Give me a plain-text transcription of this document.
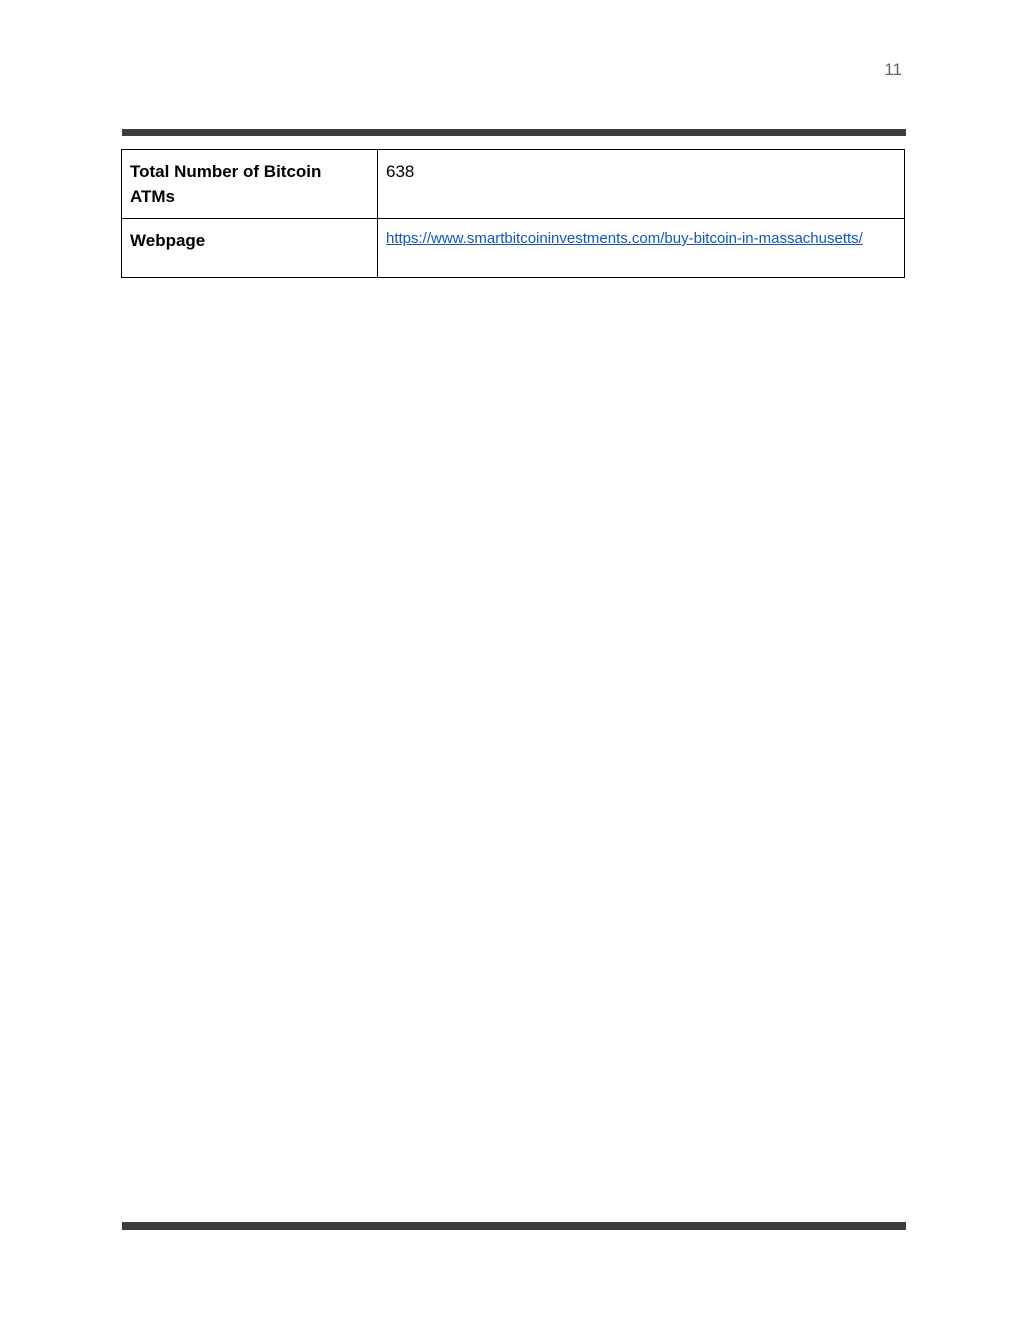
11
Total Number of Bitcoin ATMs	638
Webpage	https://www.smartbitcoininvestments.com/buy-bitcoin-in-massachusetts/
